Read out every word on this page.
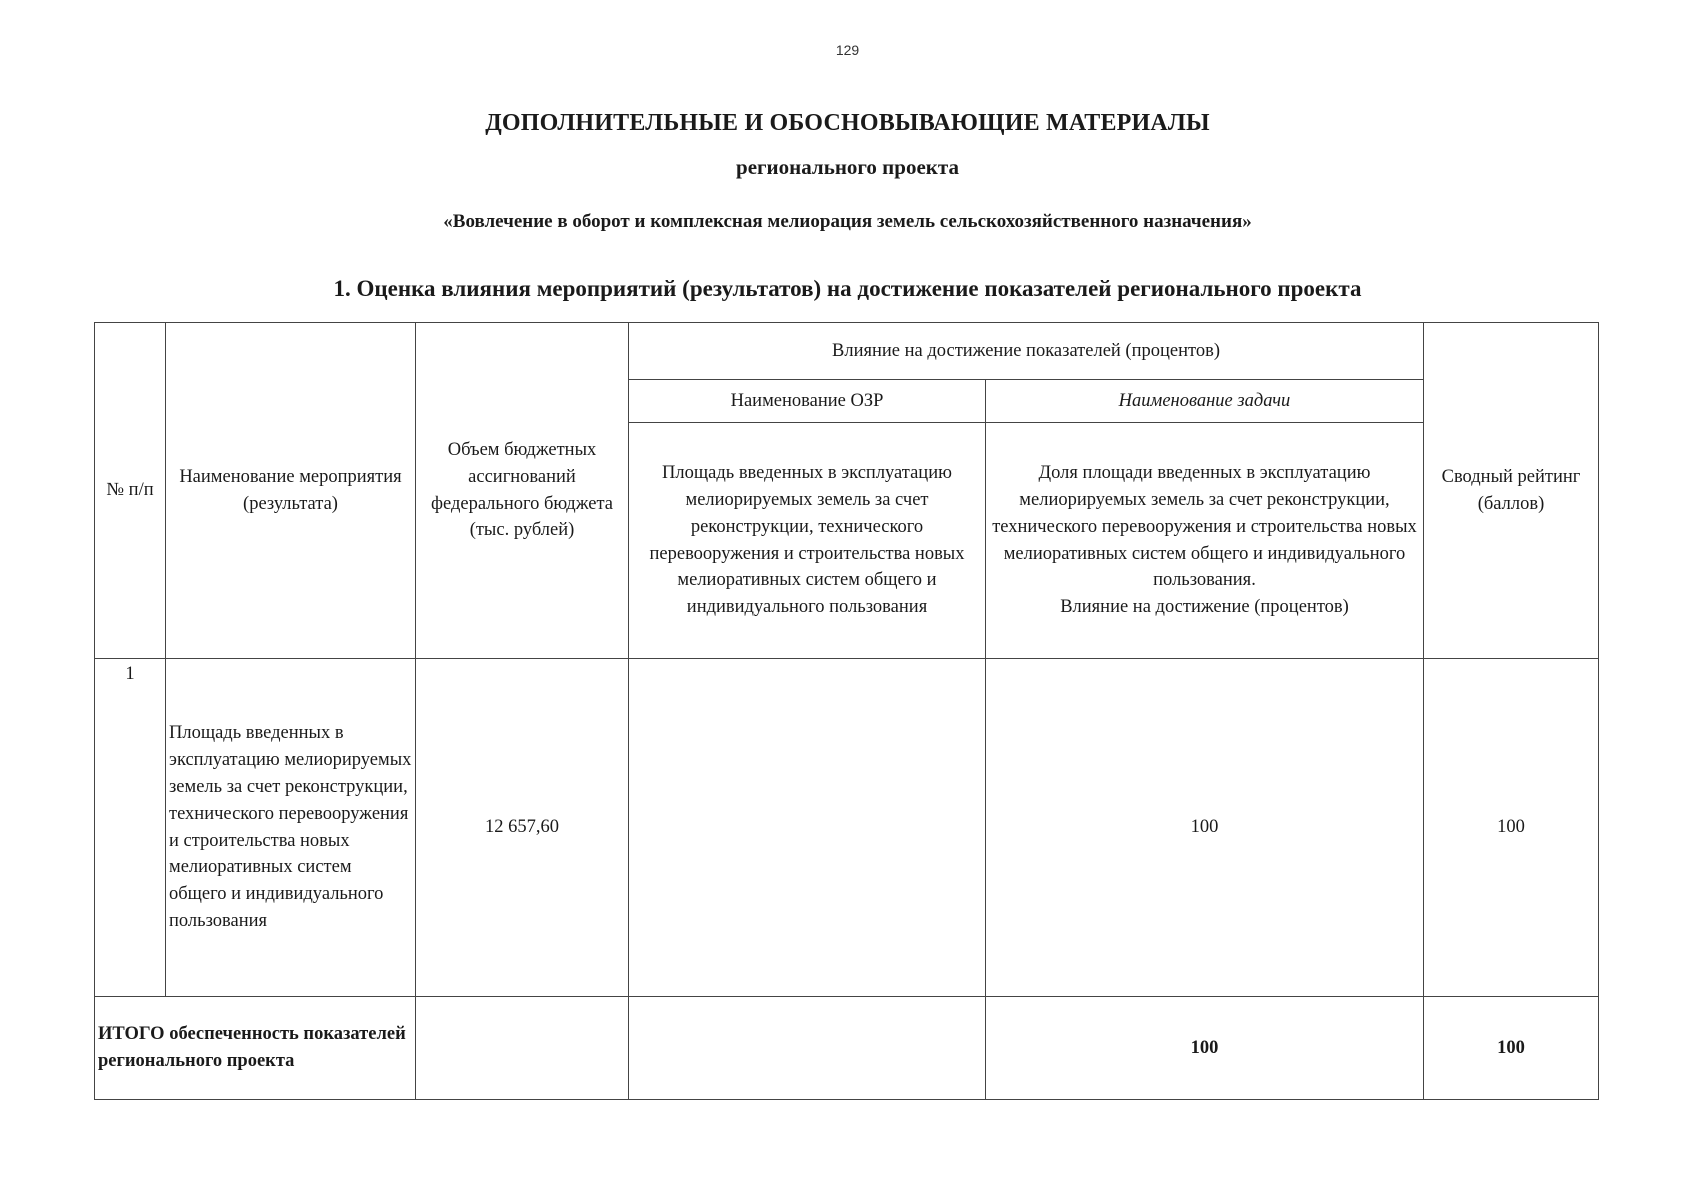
129
ДОПОЛНИТЕЛЬНЫЕ И ОБОСНОВЫВАЮЩИЕ МАТЕРИАЛЫ
регионального проекта
«Вовлечение в оборот и комплексная мелиорация земель сельскохозяйственного назначения»
1. Оценка влияния мероприятий (результатов) на достижение показателей регионального проекта
№ п/п	Наименование мероприятия (результата)	Объем бюджетных ассигнований федерального бюджета (тыс. рублей)	Влияние на достижение показателей (процентов)		Сводный рейтинг (баллов)
			Наименование ОЗР	Наименование задачи	
			Площадь введенных в эксплуатацию мелиорируемых земель за счет реконструкции, технического перевооружения и строительства новых мелиоративных систем общего и индивидуального пользования	Доля площади введенных в эксплуатацию мелиорируемых земель за счет реконструкции, технического перевооружения и строительства новых мелиоративных систем общего и индивидуального пользования.
Влияние на достижение (процентов)	

1	Площадь введенных в эксплуатацию мелиорируемых земель за счет реконструкции, технического перевооружения и строительства новых мелиоративных систем общего и индивидуального пользования	12 657,60		100	100
ИТОГО обеспеченность показателей регионального проекта				100	100
